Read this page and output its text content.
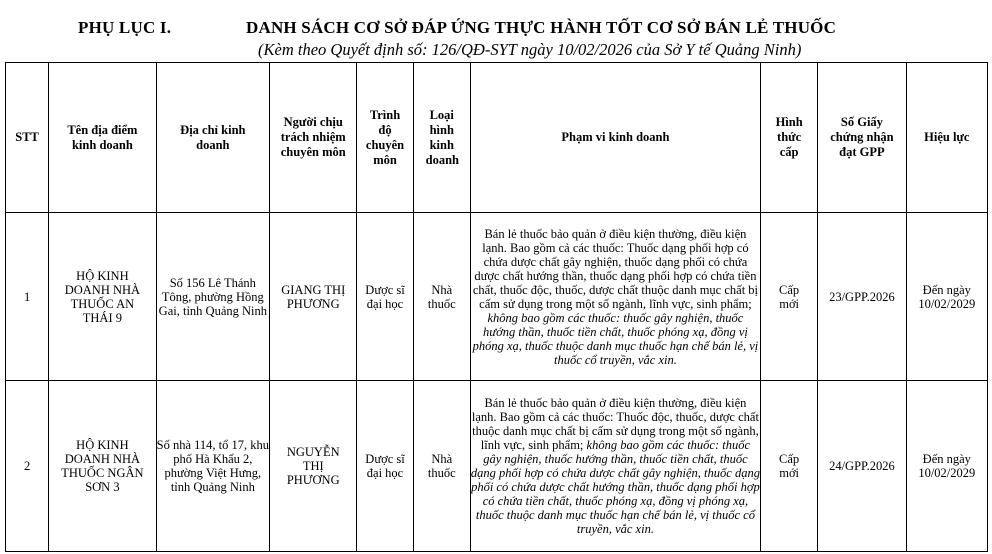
PHỤ LỤC I.	DANH SÁCH CƠ SỞ ĐÁP ỨNG THỰC HÀNH TỐT CƠ SỞ BÁN LẺ THUỐC
(Kèm theo Quyết định số: 126/QĐ-SYT ngày 10/02/2026 của Sở Y tế Quảng Ninh)
STT	Tên địa điểm kinh doanh	Địa chỉ kinh doanh	Người chịu trách nhiệm chuyên môn	Trình độ chuyên môn	Loại hình kinh doanh	Phạm vi kinh doanh	Hình thức cấp	Số Giấy chứng nhận đạt GPP	Hiệu lực
1	HỘ KINH DOANH NHÀ THUỐC AN THÁI 9	Số 156 Lê Thánh Tông, phường Hồng Gai, tỉnh Quảng Ninh	GIANG THỊ PHƯƠNG	Dược sĩ đại học	Nhà thuốc	Bán lẻ thuốc bảo quản ở điều kiện thường, điều kiện lạnh. Bao gồm cả các thuốc: Thuốc dạng phối hợp có chứa dược chất gây nghiện, thuốc dạng phối có chứa dược chất hướng thần, thuốc dạng phối hợp có chứa tiền chất, thuốc độc, thuốc, dược chất thuộc danh mục chất bị cấm sử dụng trong một số ngành, lĩnh vực, sinh phẩm; không bao gồm các thuốc: thuốc gây nghiện, thuốc hướng thần, thuốc tiền chất, thuốc phóng xạ, đồng vị phóng xạ, thuốc thuộc danh mục thuốc hạn chế bán lẻ, vị thuốc cổ truyền, vắc xin.	Cấp mới	23/GPP.2026	Đến ngày 10/02/2029
2	HỘ KINH DOANH NHÀ THUỐC NGÂN SƠN 3	Số nhà 114, tổ 17, khu phố Hà Khẩu 2, phường Việt Hưng, tỉnh Quảng Ninh	NGUYỄN THỊ PHƯƠNG	Dược sĩ đại học	Nhà thuốc	Bán lẻ thuốc bảo quản ở điều kiện thường, điều kiện lạnh. Bao gồm cả các thuốc: Thuốc độc, thuốc, dược chất thuộc danh mục chất bị cấm sử dụng trong một số ngành, lĩnh vực, sinh phẩm; không bao gồm các thuốc: thuốc gây nghiện, thuốc hướng thần, thuốc tiền chất, thuốc dạng phối hợp có chứa dược chất gây nghiện, thuốc dạng phối có chứa dược chất hướng thần, thuốc dạng phối hợp có chứa tiền chất, thuốc phóng xạ, đồng vị phóng xạ, thuốc thuộc danh mục thuốc hạn chế bán lẻ, vị thuốc cổ truyền, vắc xin.	Cấp mới	24/GPP.2026	Đến ngày 10/02/2029
